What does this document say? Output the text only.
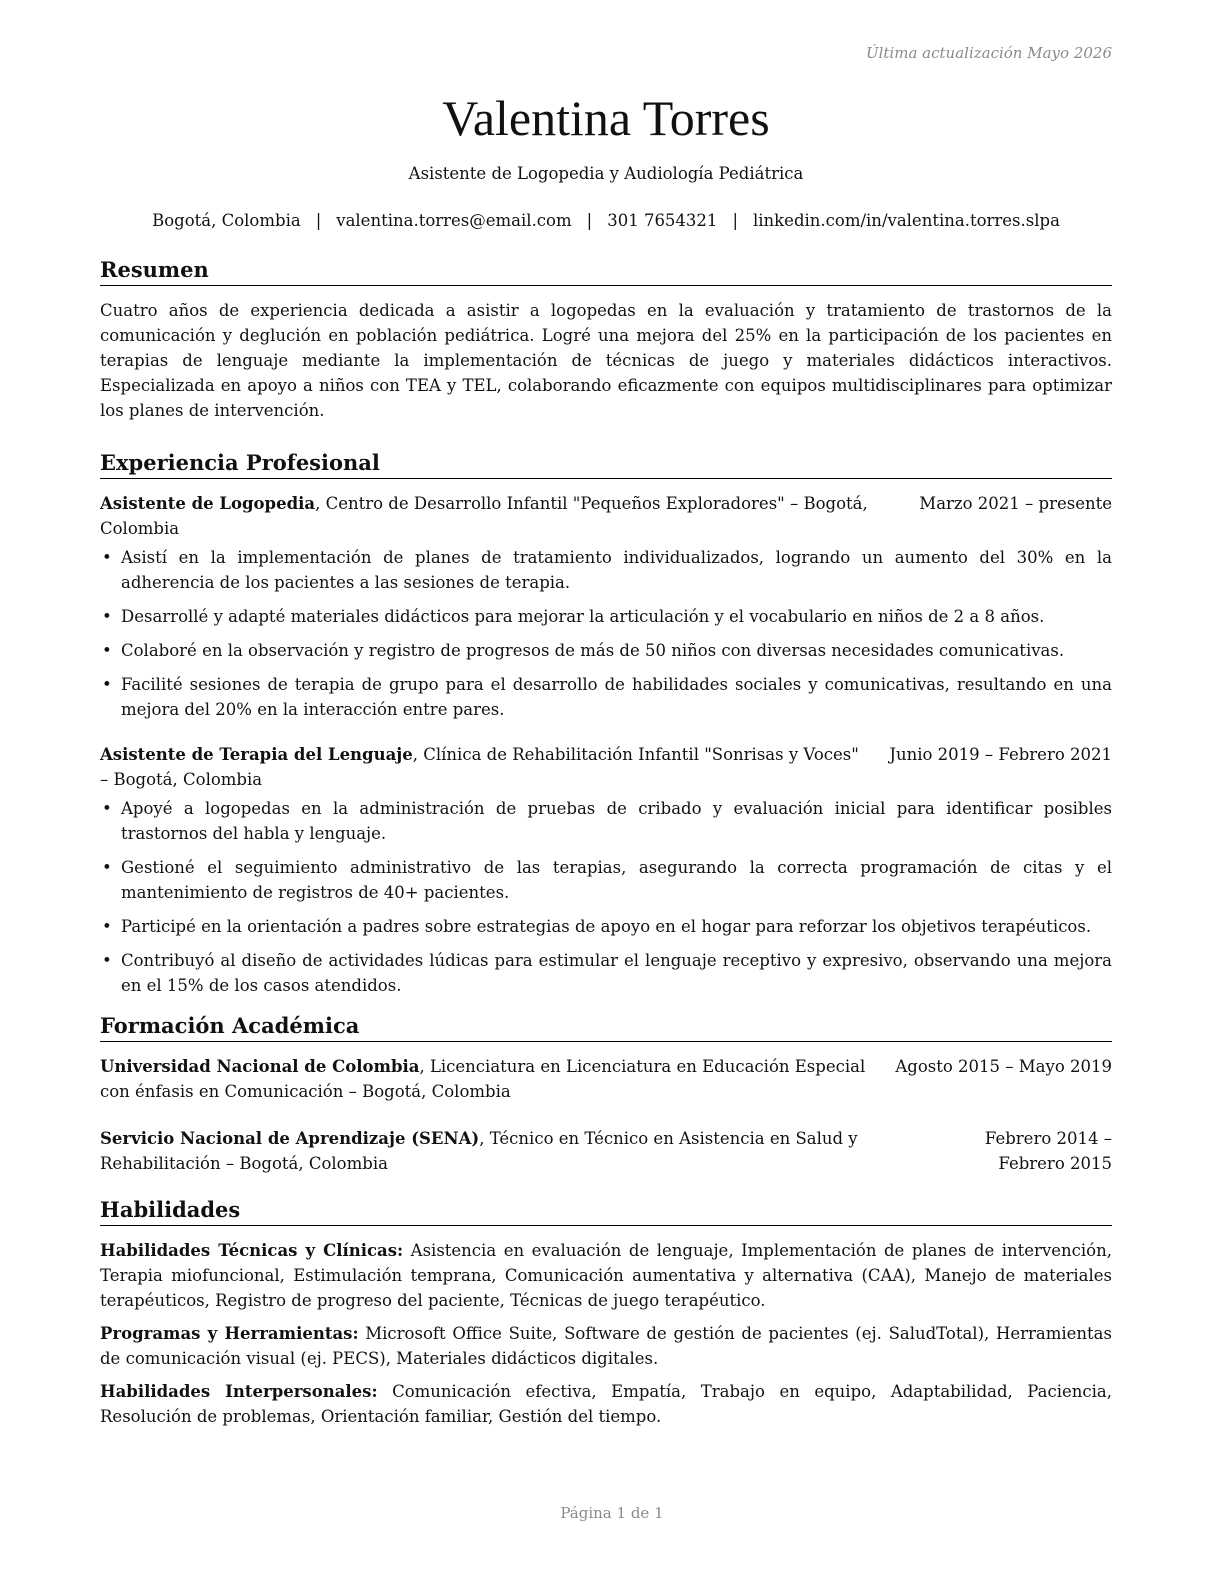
Última actualización Mayo 2026
Valentina Torres
Asistente de Logopedia y Audiología Pediátrica
Bogotá, Colombia | valentina.torres@email.com | 301 7654321 | linkedin.com/in/valentina.torres.slpa
Resumen

Cuatro años de experiencia dedicada a asistir a logopedas en la evaluación y tratamiento de trastornos de la comunicación y deglución en población pediátrica. Logré una mejora del 25% en la participación de los pacientes en terapias de lenguaje mediante la implementación de técnicas de juego y materiales didácticos interactivos. Especializada en apoyo a niños con TEA y TEL, colaborando eficazmente con equipos multidisciplinares para optimizar los planes de intervención.

Experiencia Profesional
Asistente de Logopedia, Centro de Desarrollo Infantil "Pequeños Exploradores" – Bogotá, Colombia
Marzo 2021 – presente
• Asistí en la implementación de planes de tratamiento individualizados, logrando un aumento del 30% en la adherencia de los pacientes a las sesiones de terapia.
• Desarrollé y adapté materiales didácticos para mejorar la articulación y el vocabulario en niños de 2 a 8 años.
• Colaboré en la observación y registro de progresos de más de 50 niños con diversas necesidades comunicativas.
• Facilité sesiones de terapia de grupo para el desarrollo de habilidades sociales y comunicativas, resultando en una mejora del 20% en la interacción entre pares.
Asistente de Terapia del Lenguaje, Clínica de Rehabilitación Infantil "Sonrisas y Voces" – Bogotá, Colombia
Junio 2019 – Febrero 2021
• Apoyé a logopedas en la administración de pruebas de cribado y evaluación inicial para identificar posibles trastornos del habla y lenguaje.
• Gestioné el seguimiento administrativo de las terapias, asegurando la correcta programación de citas y el mantenimiento de registros de 40+ pacientes.
• Participé en la orientación a padres sobre estrategias de apoyo en el hogar para reforzar los objetivos terapéuticos.
• Contribuyó al diseño de actividades lúdicas para estimular el lenguaje receptivo y expresivo, observando una mejora en el 15% de los casos atendidos.
Formación Académica
Universidad Nacional de Colombia, Licenciatura en Licenciatura en Educación Especial con énfasis en Comunicación – Bogotá, Colombia
Agosto 2015 – Mayo 2019
Servicio Nacional de Aprendizaje (SENA), Técnico en Técnico en Asistencia en Salud y Rehabilitación – Bogotá, Colombia
Febrero 2014 – Febrero 2015
Habilidades

Habilidades Técnicas y Clínicas: Asistencia en evaluación de lenguaje, Implementación de planes de intervención, Terapia miofuncional, Estimulación temprana, Comunicación aumentativa y alternativa (CAA), Manejo de materiales terapéuticos, Registro de progreso del paciente, Técnicas de juego terapéutico.

Programas y Herramientas: Microsoft Office Suite, Software de gestión de pacientes (ej. SaludTotal), Herramientas de comunicación visual (ej. PECS), Materiales didácticos digitales.

Habilidades Interpersonales: Comunicación efectiva, Empatía, Trabajo en equipo, Adaptabilidad, Paciencia, Resolución de problemas, Orientación familiar, Gestión del tiempo.

Página 1 de 1
